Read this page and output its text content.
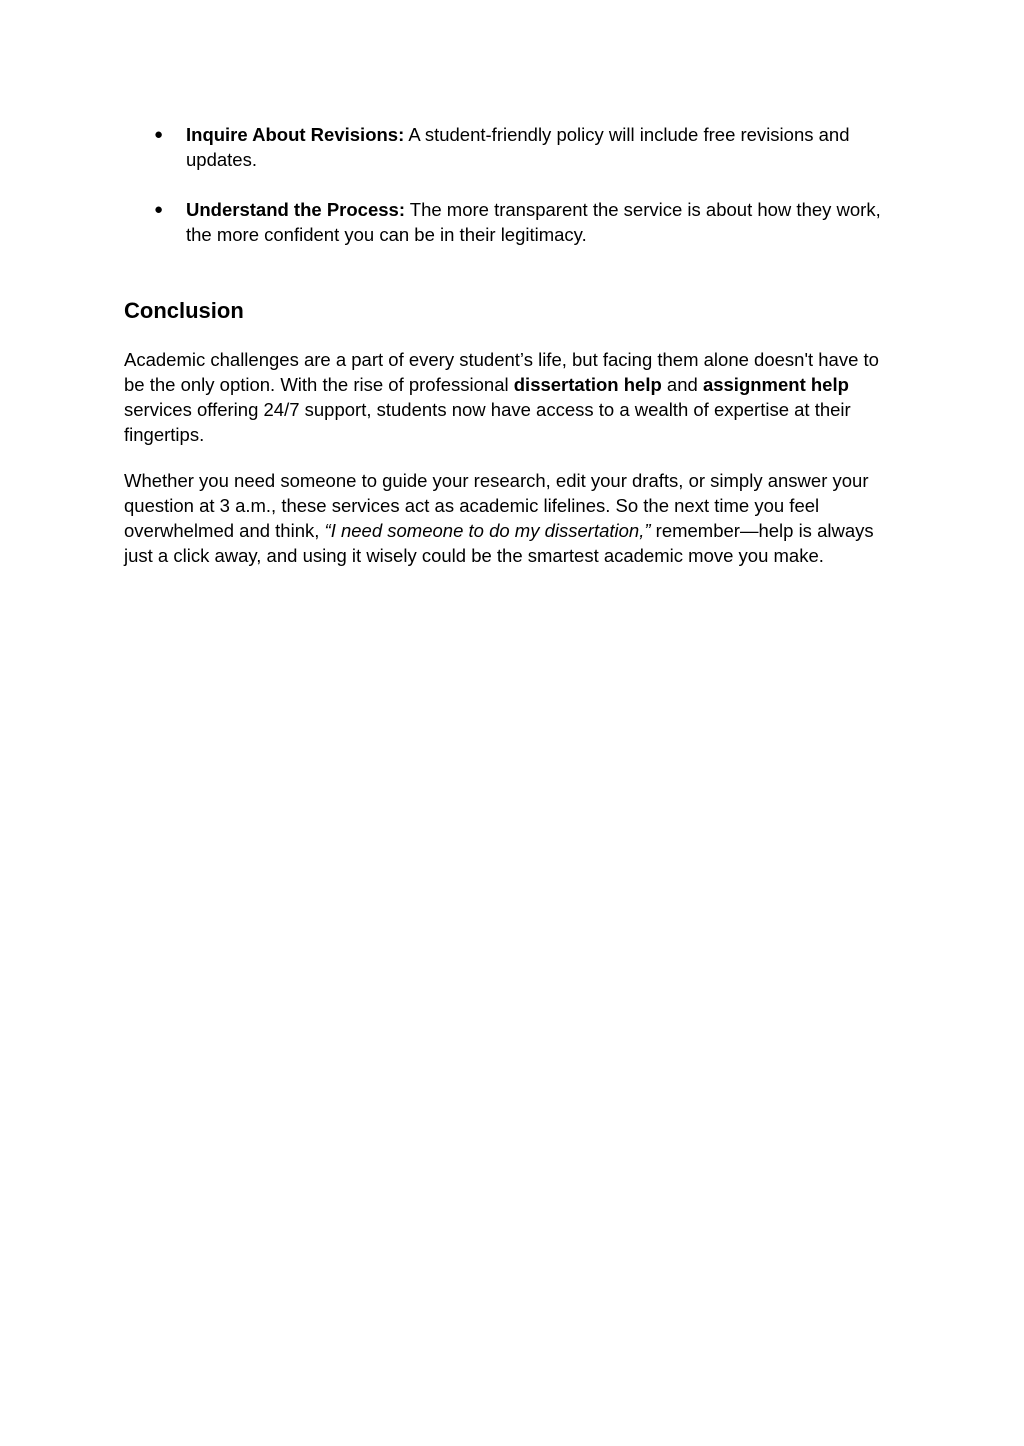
● Inquire About Revisions: A student-friendly policy will include free revisions and updates.
● Understand the Process: The more transparent the service is about how they work, the more confident you can be in their legitimacy.
Conclusion

Academic challenges are a part of every student’s life, but facing them alone doesn't have to be the only option. With the rise of professional dissertation help and assignment help services offering 24/7 support, students now have access to a wealth of expertise at their fingertips.

Whether you need someone to guide your research, edit your drafts, or simply answer your question at 3 a.m., these services act as academic lifelines. So the next time you feel overwhelmed and think, “I need someone to do my dissertation,” remember—help is always just a click away, and using it wisely could be the smartest academic move you make.
